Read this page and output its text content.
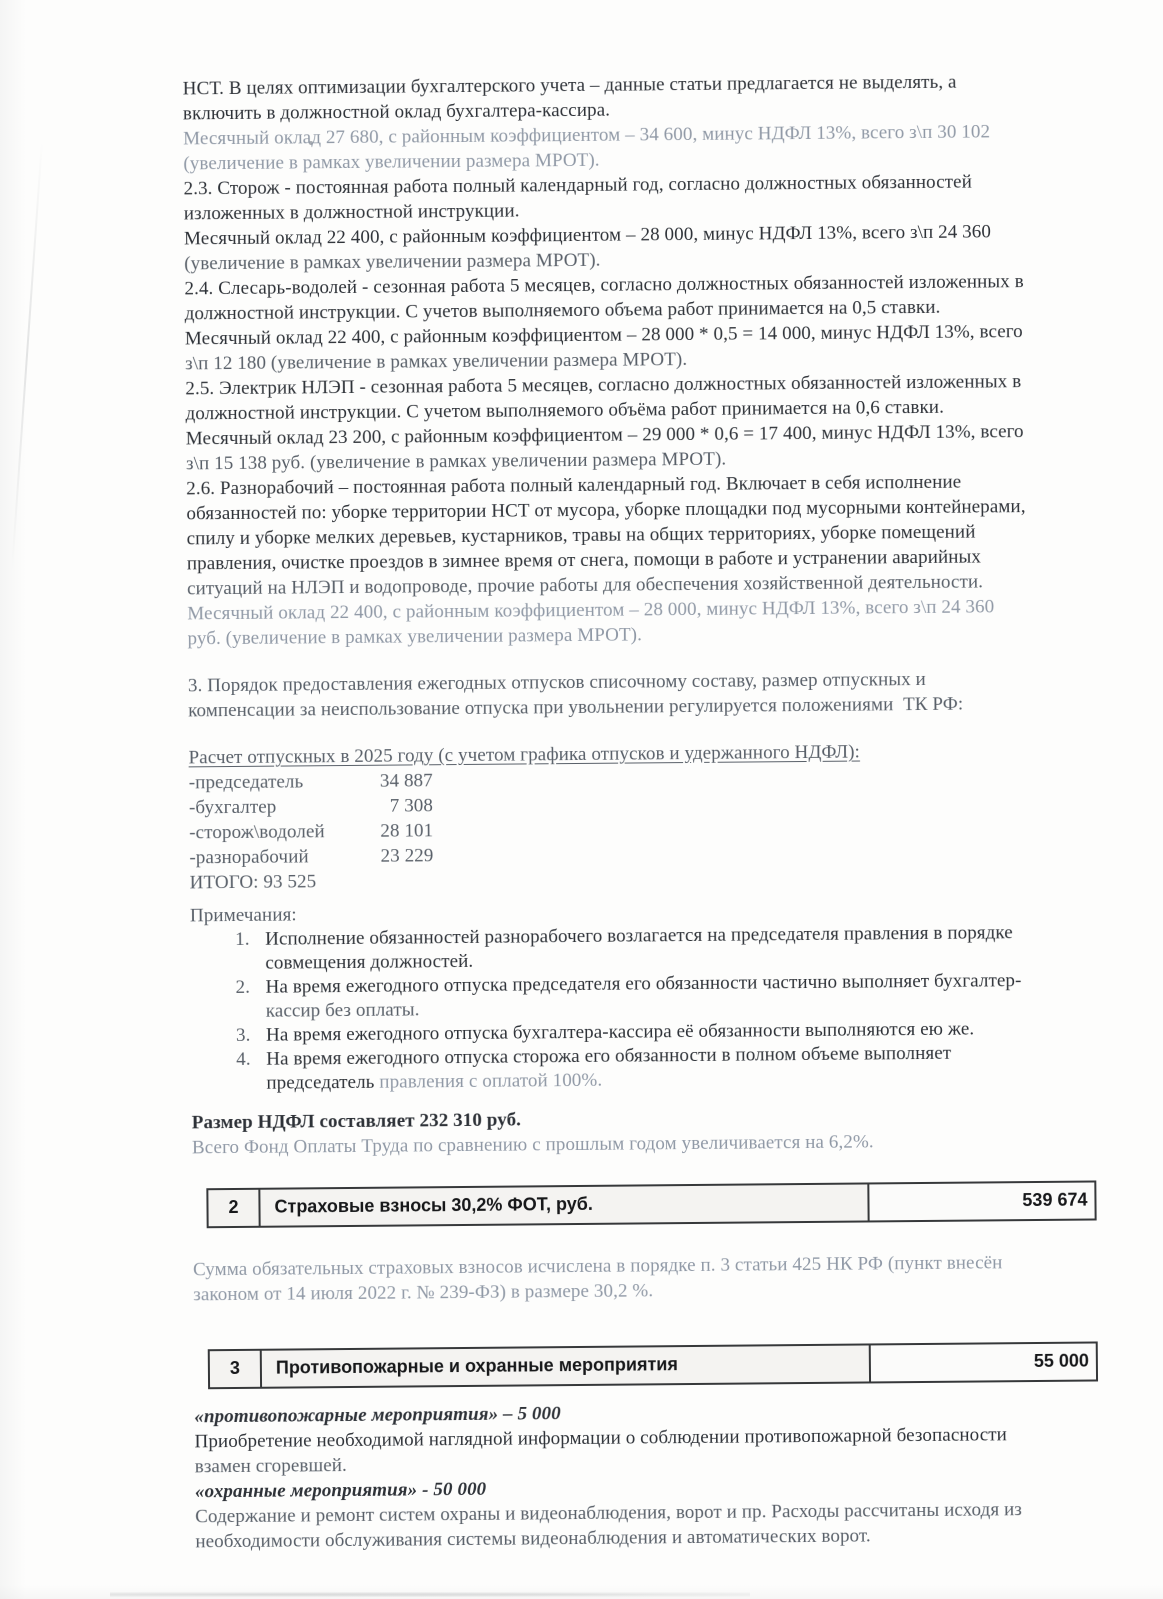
НСТ. В целях оптимизации бухгалтерского учета – данные статьи предлагается не выделять, а
включить в должностной оклад бухгалтера-кассира.
Месячный оклад 27 680, с районным коэффициентом – 34 600, минус НДФЛ 13%, всего з\п 30 102
(увеличение в рамках увеличении размера МРОТ).
2.3. Сторож - постоянная работа полный календарный год, согласно должностных обязанностей
изложенных в должностной инструкции.
Месячный оклад 22 400, с районным коэффициентом – 28 000, минус НДФЛ 13%, всего з\п 24 360
(увеличение в рамках увеличении размера МРОТ).
2.4. Слесарь-водолей - сезонная работа 5 месяцев, согласно должностных обязанностей изложенных в
должностной инструкции. С учетов выполняемого объема работ принимается на 0,5 ставки.
Месячный оклад 22 400, с районным коэффициентом – 28 000 * 0,5 = 14 000, минус НДФЛ 13%, всего
з\п 12 180 (увеличение в рамках увеличении размера МРОТ).
2.5. Электрик НЛЭП - сезонная работа 5 месяцев, согласно должностных обязанностей изложенных в
должностной инструкции. С учетом выполняемого объёма работ принимается на 0,6 ставки.
Месячный оклад 23 200, с районным коэффициентом – 29 000 * 0,6 = 17 400, минус НДФЛ 13%, всего
з\п 15 138 руб. (увеличение в рамках увеличении размера МРОТ).
2.6. Разнорабочий – постоянная работа полный календарный год. Включает в себя исполнение
обязанностей по: уборке территории НСТ от мусора, уборке площадки под мусорными контейнерами,
спилу и уборке мелких деревьев, кустарников, травы на общих территориях, уборке помещений
правления, очистке проездов в зимнее время от снега, помощи в работе и устранении аварийных
ситуаций на НЛЭП и водопроводе, прочие работы для обеспечения хозяйственной деятельности.
Месячный оклад 22 400, с районным коэффициентом – 28 000, минус НДФЛ 13%, всего з\п 24 360
руб. (увеличение в рамках увеличении размера МРОТ).
3. Порядок предоставления ежегодных отпусков списочному составу, размер отпускных и
компенсации за неиспользование отпуска при увольнении регулируется положениями  ТК РФ:
Расчет отпускных в 2025 году (с учетом графика отпусков и удержанного НДФЛ):
-председатель	34 887
-бухгалтер	7 308
-сторож\водолей	28 101
-разнорабочий	23 229
ИТОГО: 93 525
Примечания:
1. Исполнение обязанностей разнорабочего возлагается на председателя правления в порядке
совмещения должностей.
2. На время ежегодного отпуска председателя его обязанности частично выполняет бухгалтер-
кассир без оплаты.
3. На время ежегодного отпуска бухгалтера-кассира её обязанности выполняются ею же.
4. На время ежегодного отпуска сторожа его обязанности в полном объеме выполняет
председатель правления с оплатой 100%.
Размер НДФЛ составляет 232 310 руб.
Всего Фонд Оплаты Труда по сравнению с прошлым годом увеличивается на 6,2%.
2	Страховые взносы 30,2% ФОТ, руб.	539 674
Сумма обязательных страховых взносов исчислена в порядке п. 3 статьи 425 НК РФ (пункт внесён
законом от 14 июля 2022 г. № 239-ФЗ) в размере 30,2 %.
3	Противопожарные и охранные мероприятия	55 000
«противопожарные мероприятия» – 5 000
Приобретение необходимой наглядной информации о соблюдении противопожарной безопасности
взамен сгоревшей.
«охранные мероприятия» - 50 000
Содержание и ремонт систем охраны и видеонаблюдения, ворот и пр. Расходы рассчитаны исходя из
необходимости обслуживания системы видеонаблюдения и автоматических ворот.
